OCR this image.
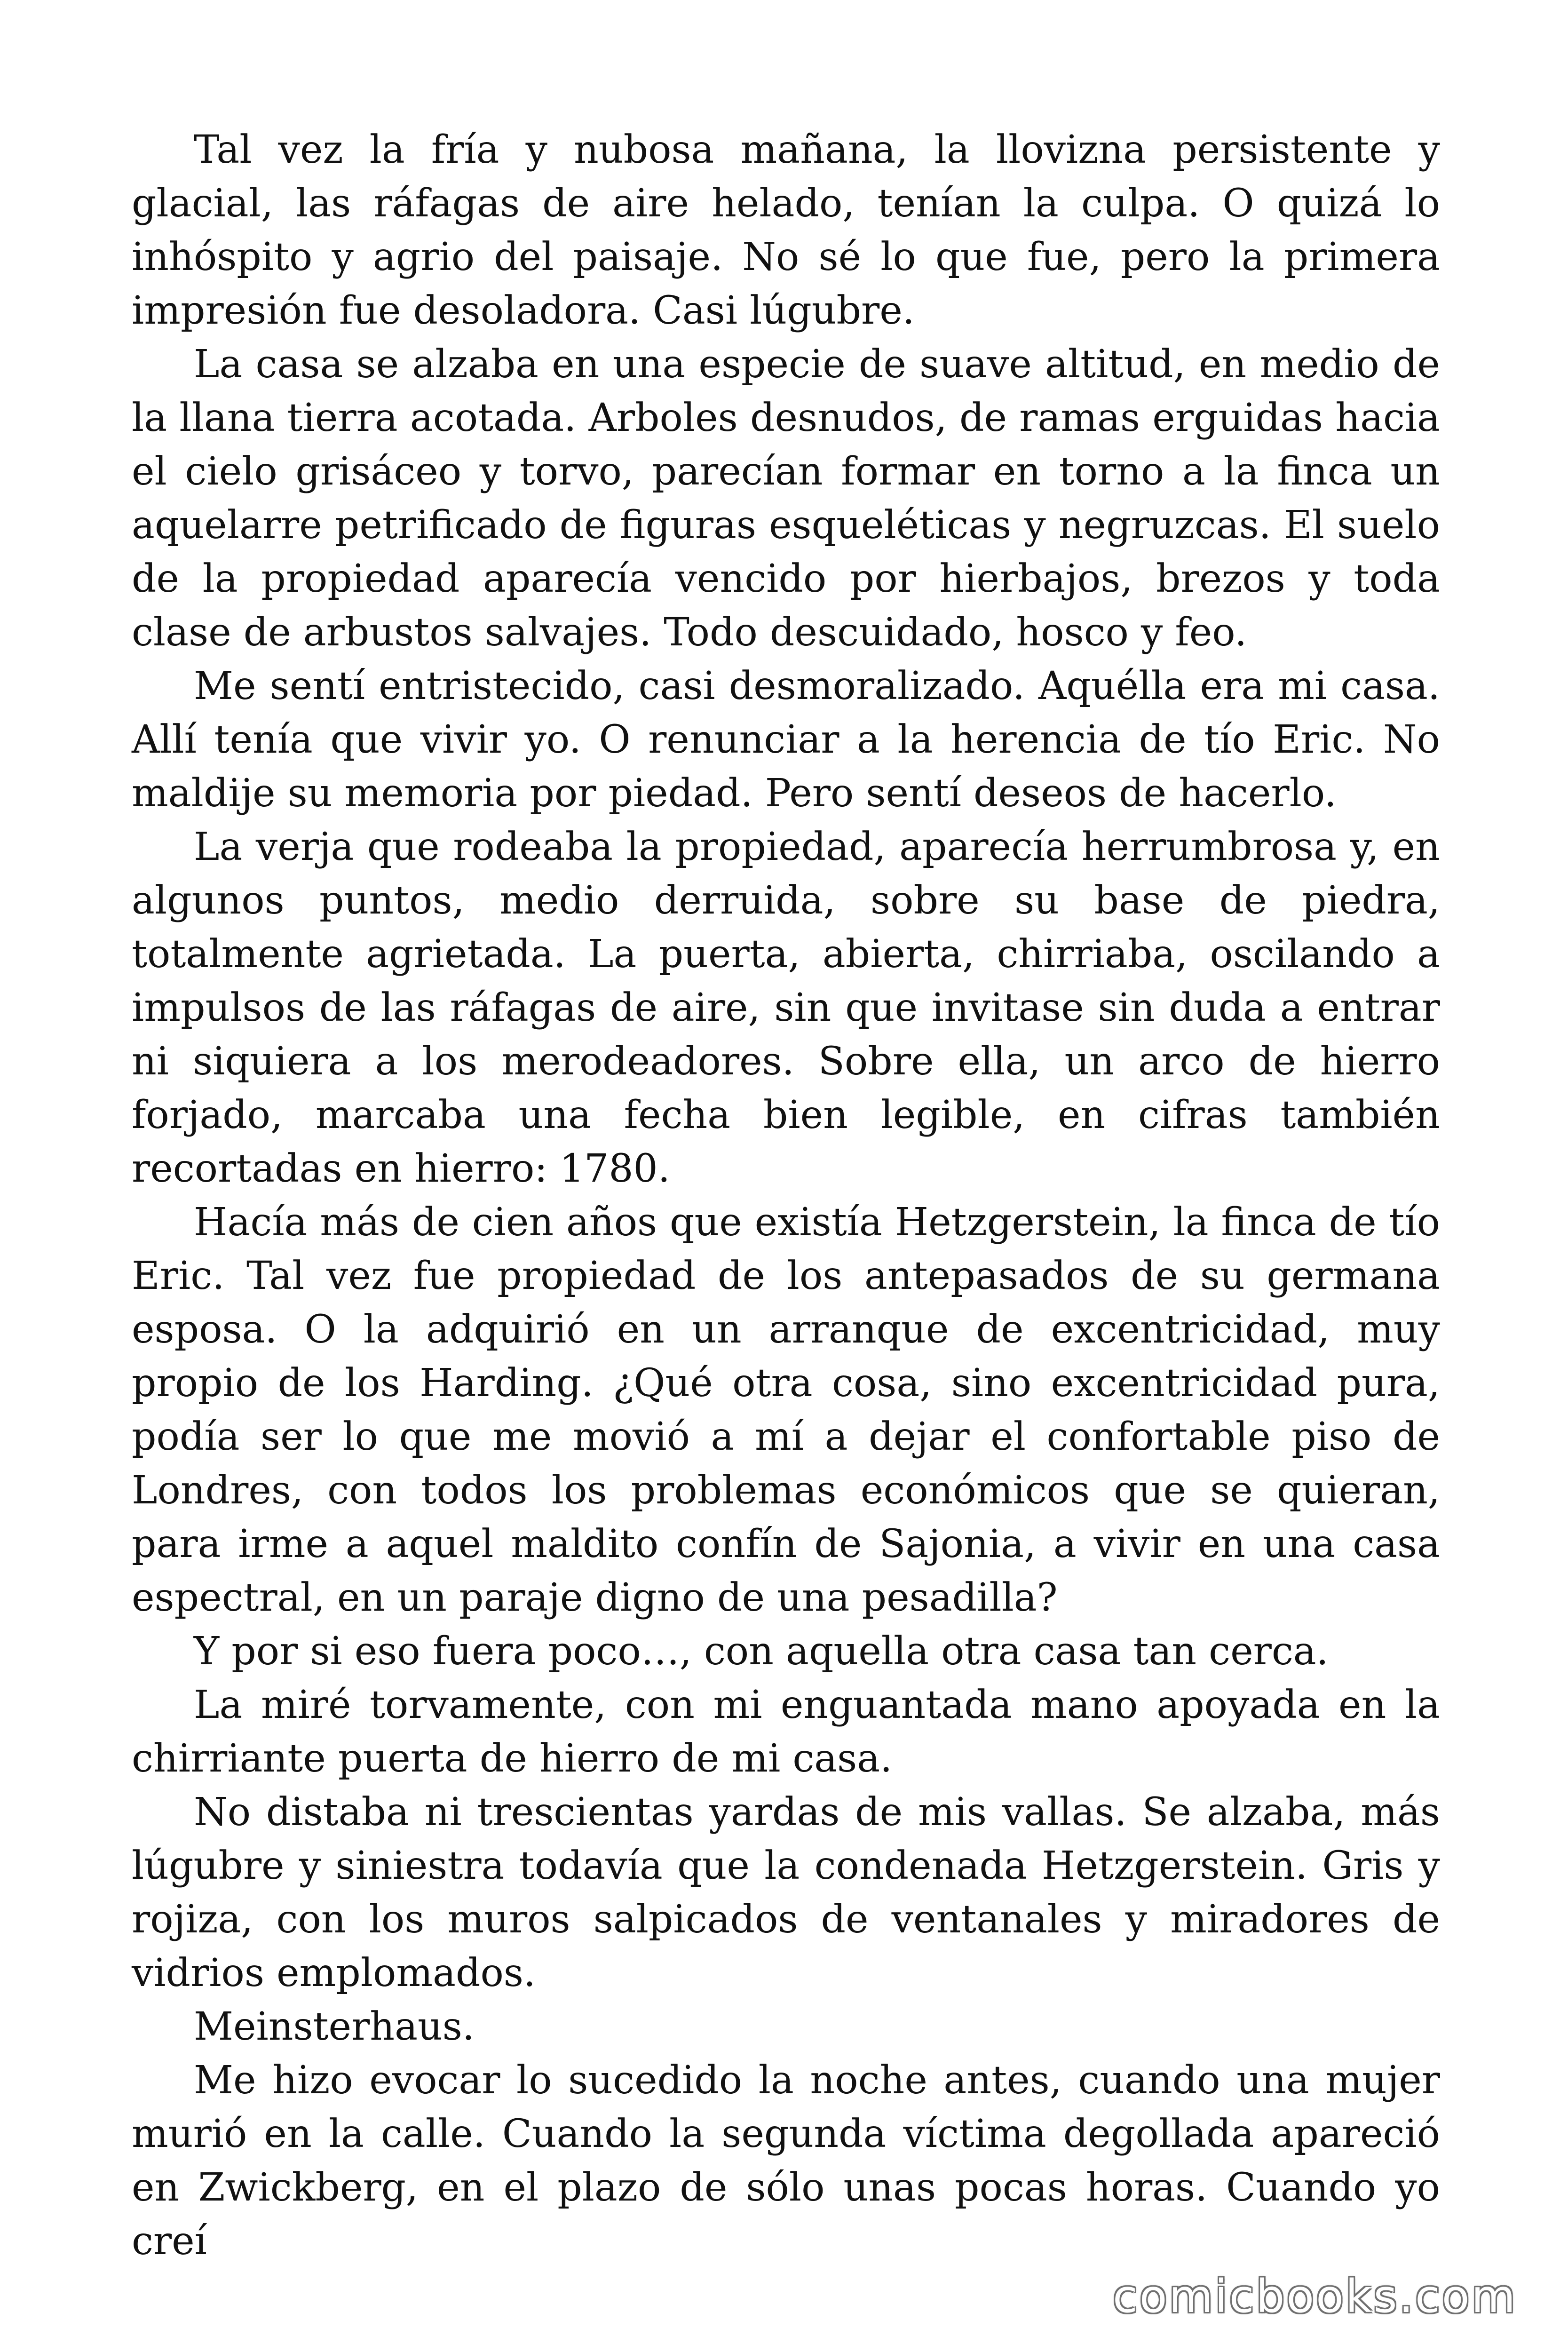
Tal vez la fría y nubosa mañana, la llovizna persistente y glacial, las ráfagas de aire helado, tenían la culpa. O quizá lo inhóspito y agrio del paisaje. No sé lo que fue, pero la primera impresión fue desoladora. Casi lúgubre.

La casa se alzaba en una especie de suave altitud, en medio de la llana tierra acotada. Arboles desnudos, de ramas erguidas hacia el cielo grisáceo y torvo, parecían formar en torno a la finca un aquelarre petrificado de figuras esqueléticas y negruzcas. El suelo de la propiedad aparecía vencido por hierbajos, brezos y toda clase de arbustos salvajes. Todo descuidado, hosco y feo.

Me sentí entristecido, casi desmoralizado. Aquélla era mi casa. Allí tenía que vivir yo. O renunciar a la herencia de tío Eric. No maldije su memoria por piedad. Pero sentí deseos de hacerlo.

La verja que rodeaba la propiedad, aparecía herrumbrosa y, en algunos puntos, medio derruida, sobre su base de piedra, totalmente agrietada. La puerta, abierta, chirriaba, oscilando a impulsos de las ráfagas de aire, sin que invitase sin duda a entrar ni siquiera a los merodeadores. Sobre ella, un arco de hierro forjado, marcaba una fecha bien legible, en cifras también recortadas en hierro: 1780.

Hacía más de cien años que existía Hetzgerstein, la finca de tío Eric. Tal vez fue propiedad de los antepasados de su germana esposa. O la adquirió en un arranque de excentricidad, muy propio de los Harding. ¿Qué otra cosa, sino excentricidad pura, podía ser lo que me movió a mí a dejar el confortable piso de Londres, con todos los problemas económicos que se quieran, para irme a aquel maldito confín de Sajonia, a vivir en una casa espectral, en un paraje digno de una pesadilla?

Y por si eso fuera poco…, con aquella otra casa tan cerca.

La miré torvamente, con mi enguantada mano apoyada en la chirriante puerta de hierro de mi casa.

No distaba ni trescientas yardas de mis vallas. Se alzaba, más lúgubre y siniestra todavía que la condenada Hetzgerstein. Gris y rojiza, con los muros salpicados de ventanales y miradores de vidrios emplomados.

Meinsterhaus.

Me hizo evocar lo sucedido la noche antes, cuando una mujer murió en la calle. Cuando la segunda víctima degollada apareció en Zwickberg, en el plazo de sólo unas pocas horas. Cuando yo creí

comicbooks.com
